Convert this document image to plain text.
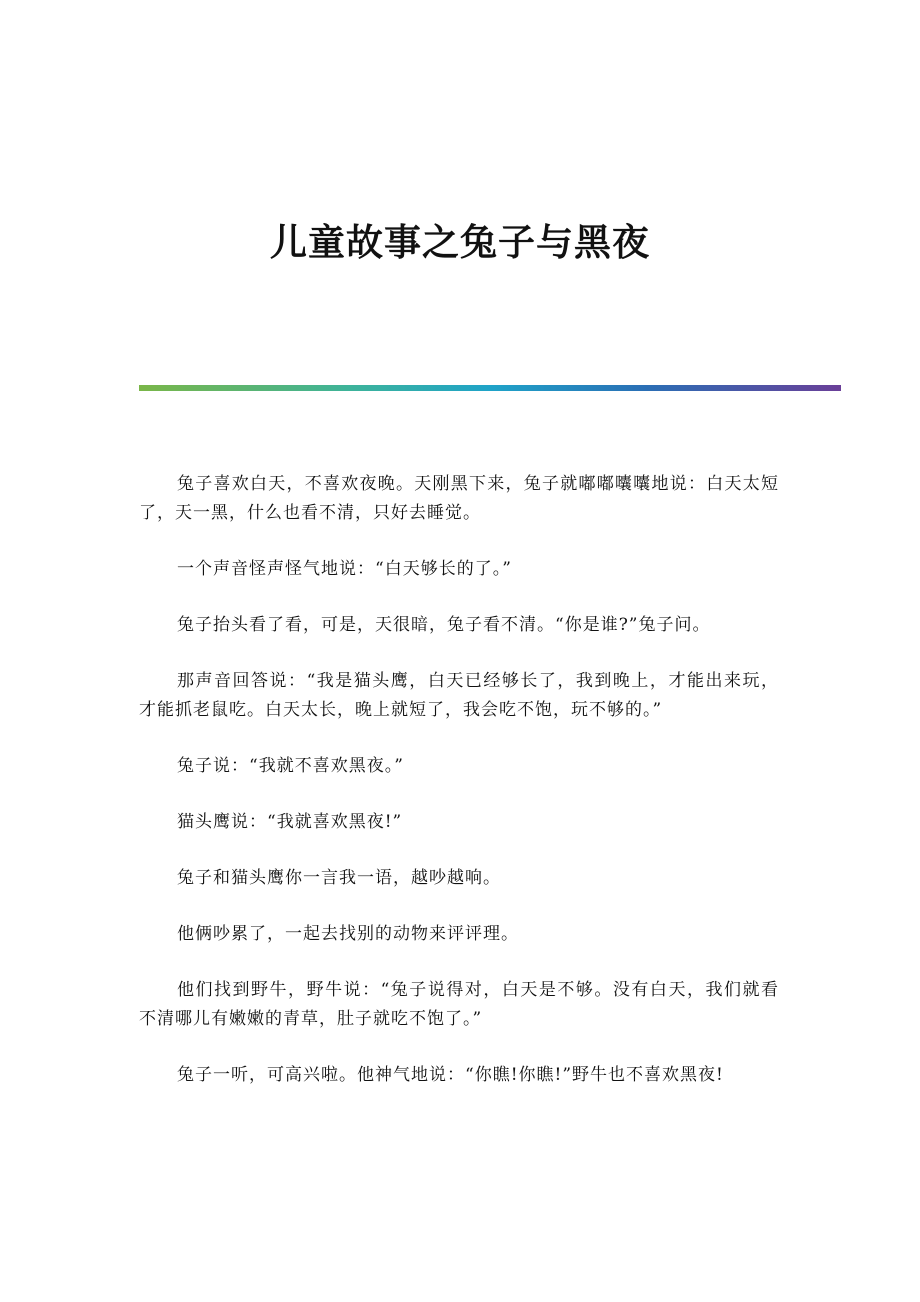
儿童故事之兔子与黑夜

兔子喜欢白天，不喜欢夜晚。天刚黑下来，兔子就嘟嘟囔囔地说：白天太短了，天一黑，什么也看不清，只好去睡觉。

一个声音怪声怪气地说：“白天够长的了。”

兔子抬头看了看，可是，天很暗，兔子看不清。“你是谁?”兔子问。

那声音回答说：“我是猫头鹰，白天已经够长了，我到晚上，才能出来玩，才能抓老鼠吃。白天太长，晚上就短了，我会吃不饱，玩不够的。”

兔子说：“我就不喜欢黑夜。”

猫头鹰说：“我就喜欢黑夜!”

兔子和猫头鹰你一言我一语，越吵越响。

他俩吵累了，一起去找别的动物来评评理。

他们找到野牛，野牛说：“兔子说得对，白天是不够。没有白天，我们就看不清哪儿有嫩嫩的青草，肚子就吃不饱了。”

兔子一听，可高兴啦。他神气地说：“你瞧!你瞧!”野牛也不喜欢黑夜!
